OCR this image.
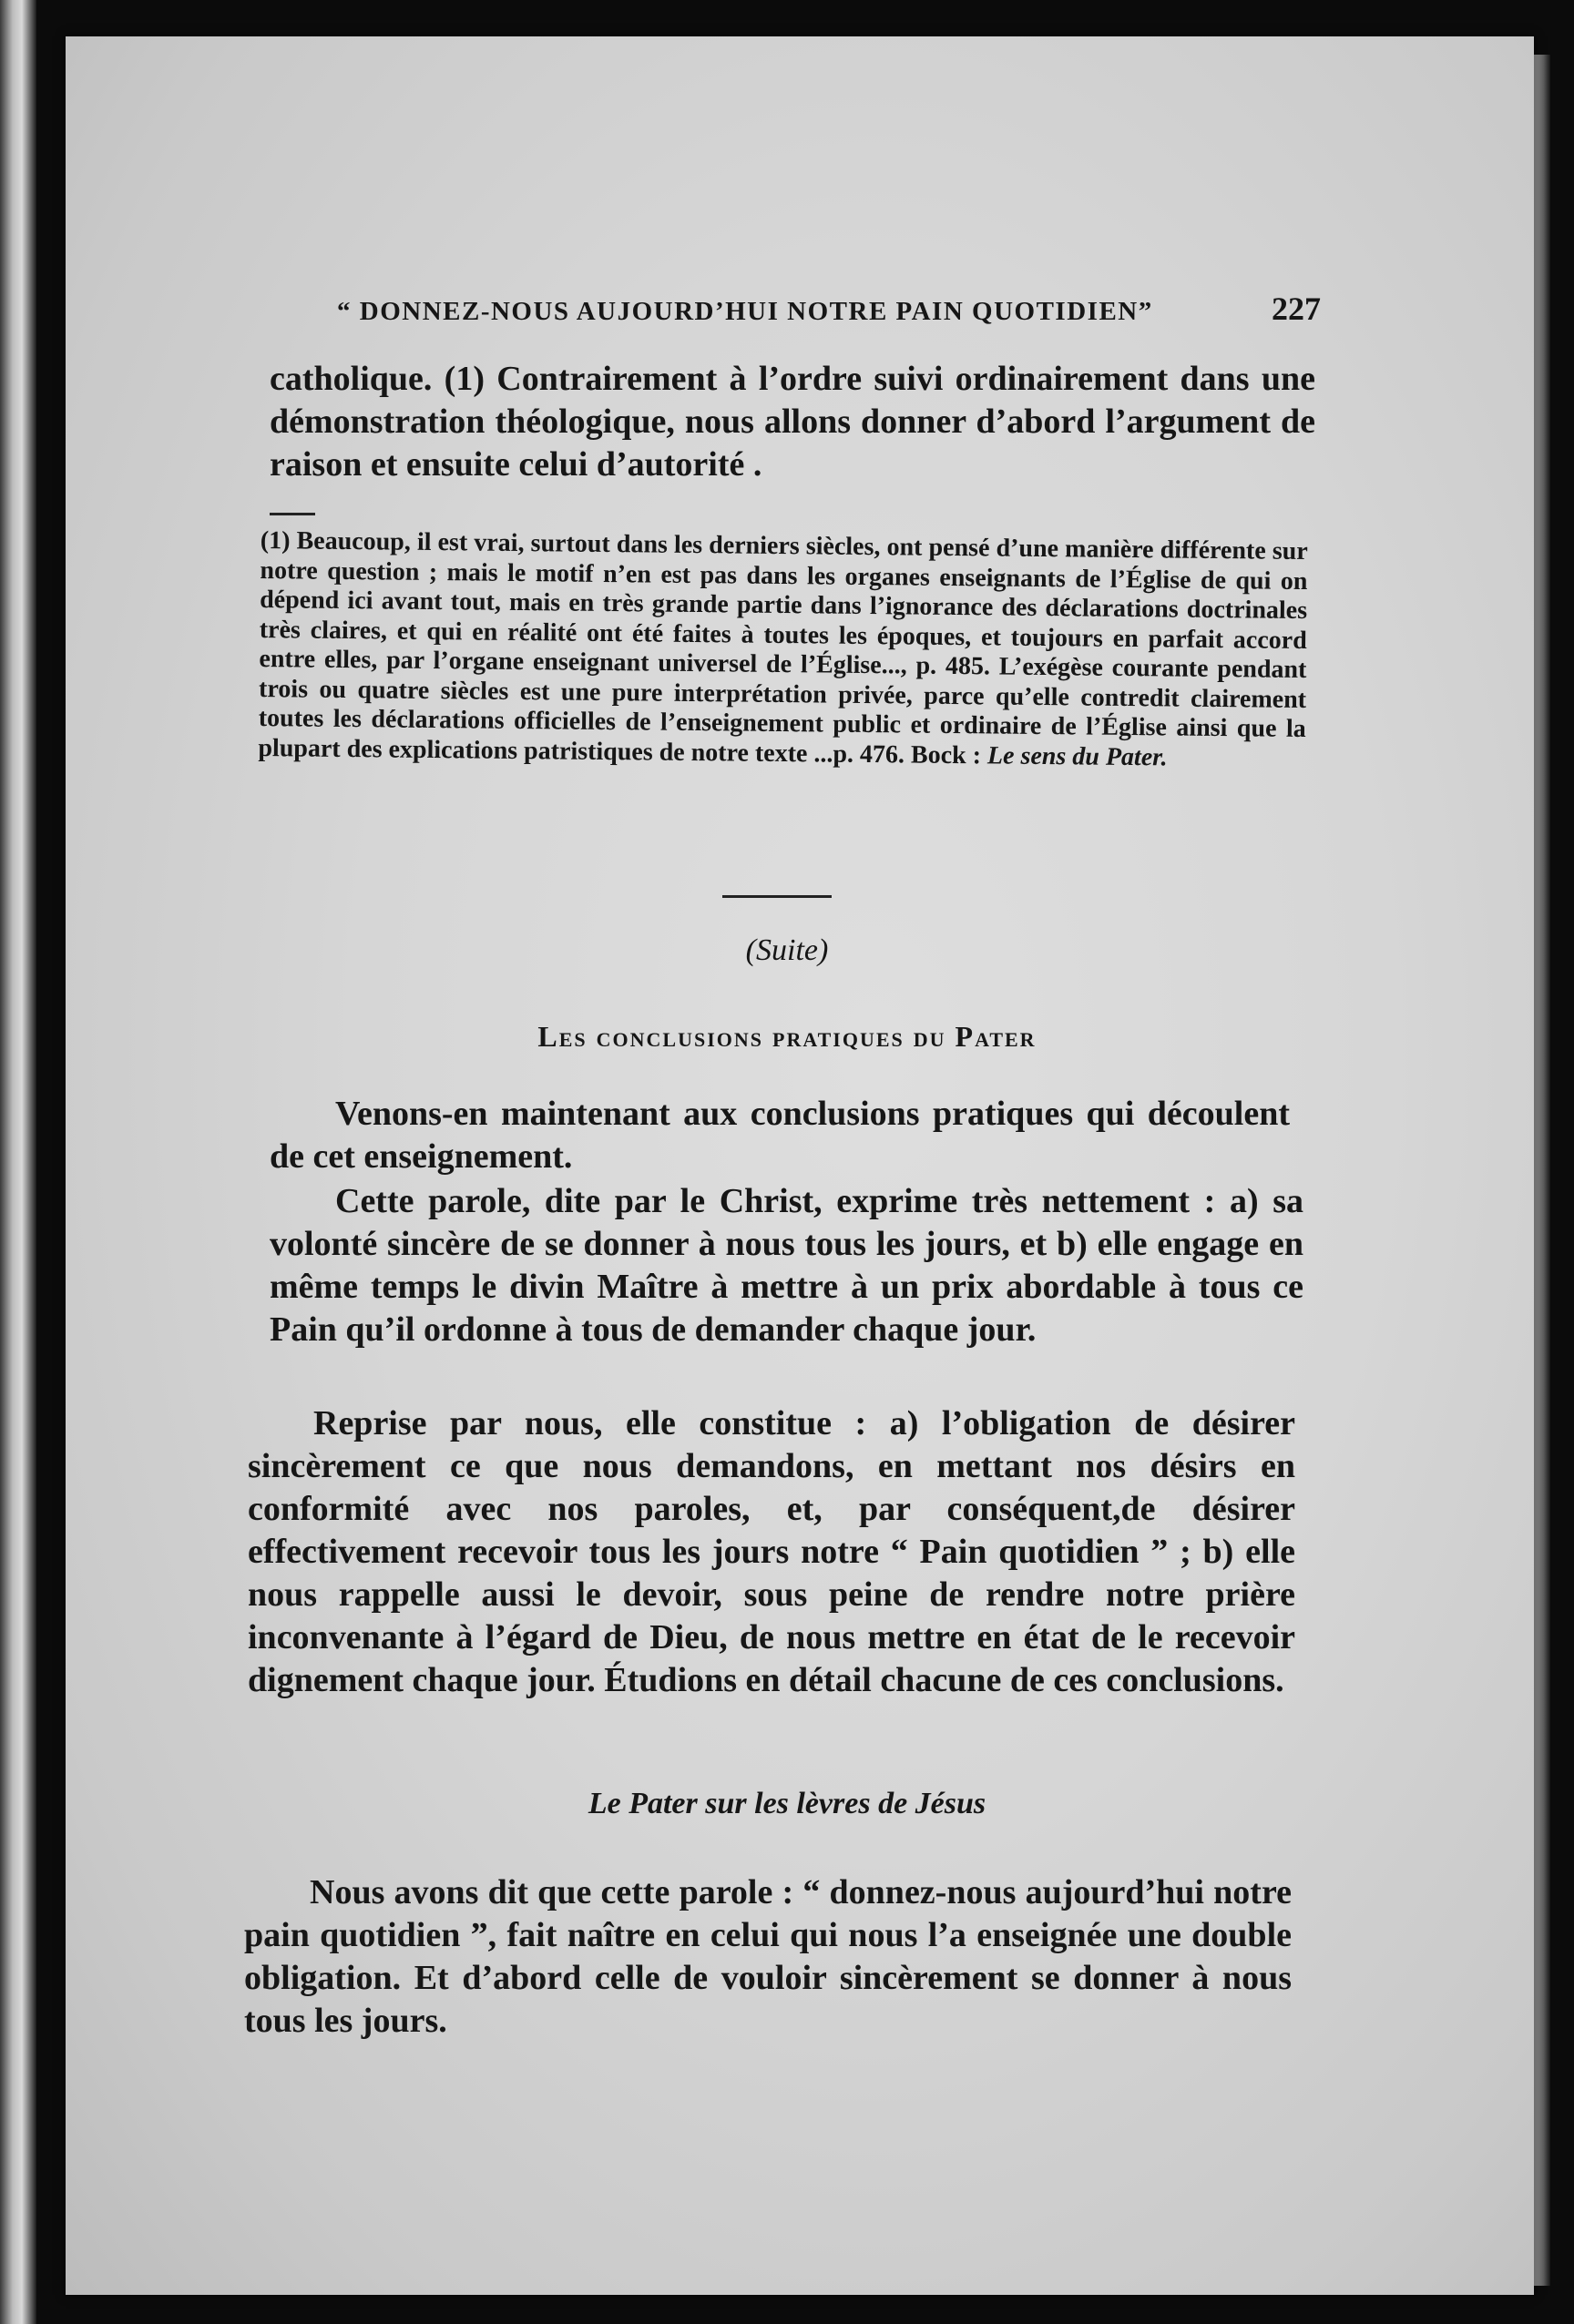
“ DONNEZ-NOUS AUJOURD’HUI NOTRE PAIN QUOTIDIEN”	227

catholique. (1) Contrairement à l’ordre suivi ordinairement dans une démonstration théologique, nous allons donner d’abord l’argument de raison et ensuite celui d’autorité .

(1) Beaucoup, il est vrai, surtout dans les derniers siècles, ont pensé d’une manière différente sur notre question ; mais le motif n’en est pas dans les organes enseignants de l’Église de qui on dépend ici avant tout, mais en très grande partie dans l’ignorance des déclarations doctrinales très claires, et qui en réalité ont été faites à toutes les époques, et toujours en parfait accord entre elles, par l’organe enseignant universel de l’Église..., p. 485. L’exégèse courante pendant trois ou quatre siècles est une pure interprétation privée, parce qu’elle contredit clairement toutes les déclarations officielles de l’enseignement public et ordinaire de l’Église ainsi que la plupart des explications patristiques de notre texte ...p. 476. Bock : Le sens du Pater.

(Suite)
Les conclusions pratiques du Pater

Venons-en maintenant aux conclusions pratiques qui découlent de cet enseignement.

Cette parole, dite par le Christ, exprime très nettement : a) sa volonté sincère de se donner à nous tous les jours, et b) elle engage en même temps le divin Maître à mettre à un prix abordable à tous ce Pain qu’il ordonne à tous de demander chaque jour.

Reprise par nous, elle constitue : a) l’obligation de désirer sincèrement ce que nous demandons, en mettant nos désirs en conformité avec nos paroles, et, par conséquent,de désirer effectivement recevoir tous les jours notre “ Pain quotidien ” ; b) elle nous rappelle aussi le devoir, sous peine de rendre notre prière inconvenante à l’égard de Dieu, de nous mettre en état de le recevoir dignement chaque jour. Étudions en détail chacune de ces conclusions.

Le Pater sur les lèvres de Jésus

Nous avons dit que cette parole : “ donnez-nous aujourd’hui notre pain quotidien ”, fait naître en celui qui nous l’a enseignée une double obligation. Et d’abord celle de vouloir sincèrement se donner à nous tous les jours.
